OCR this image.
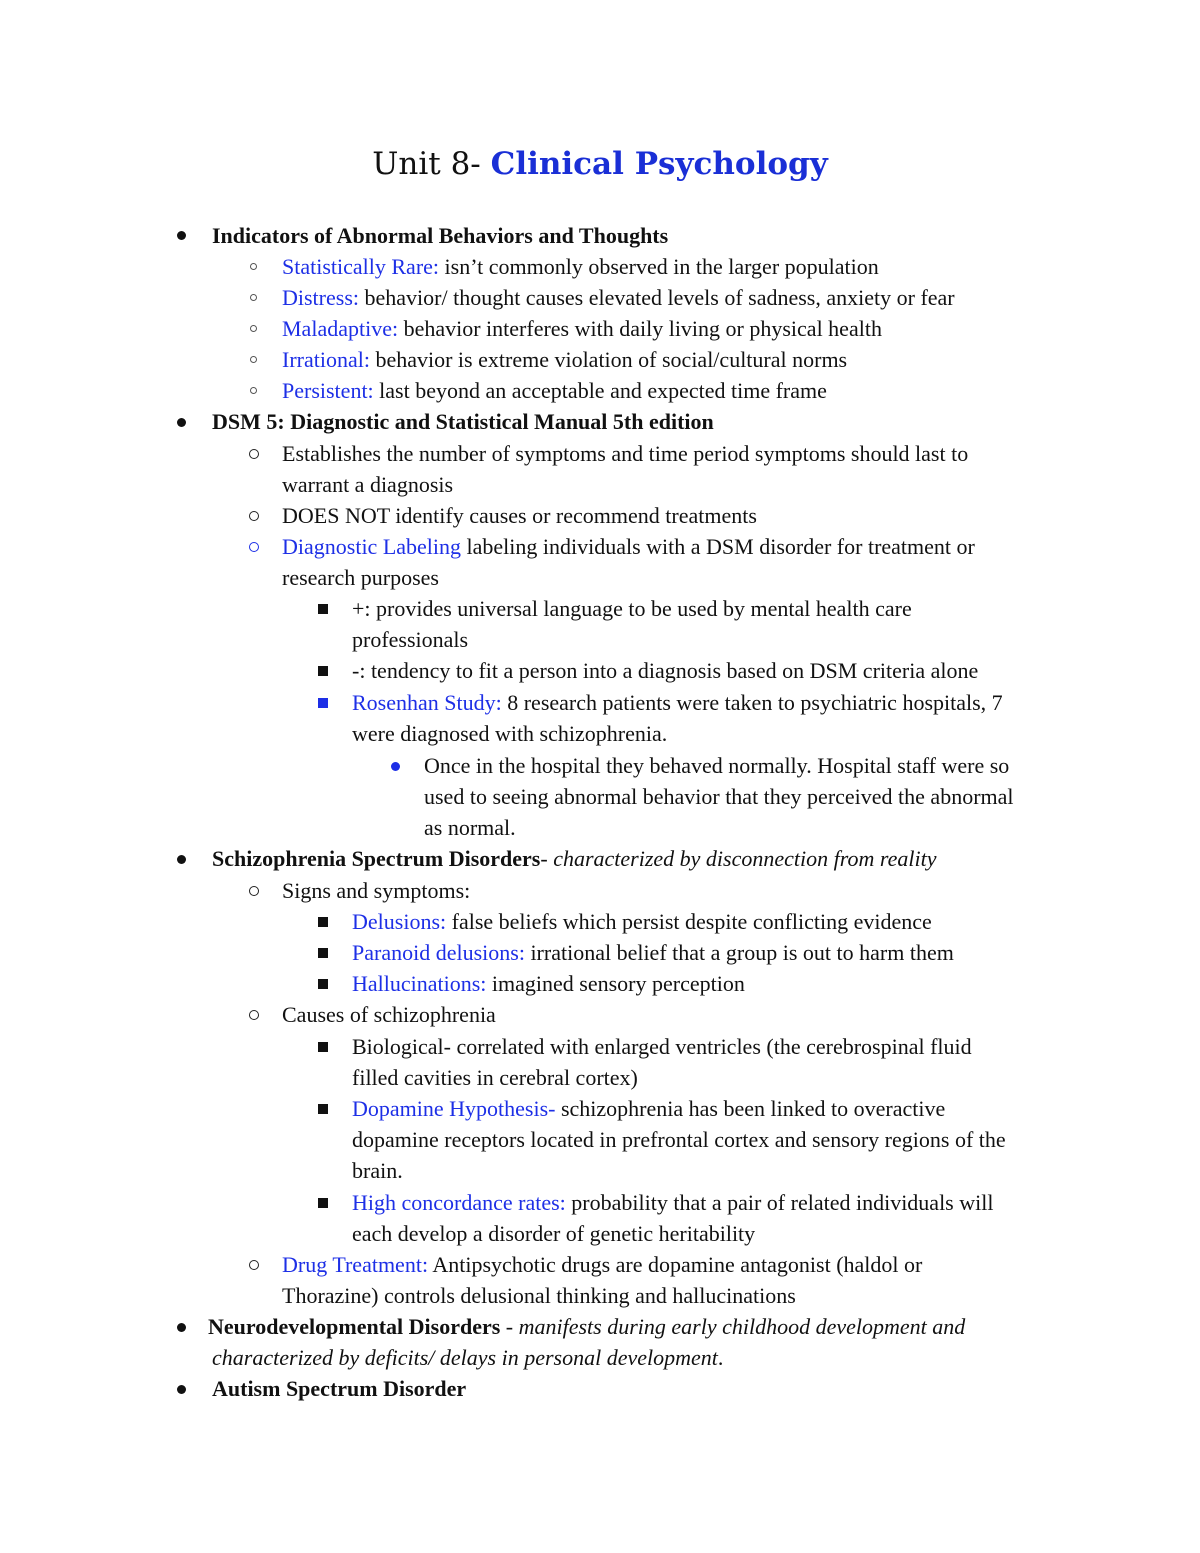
Unit 8- Clinical Psychology
Indicators of Abnormal Behaviors and Thoughts
Statistically Rare: isn’t commonly observed in the larger population
Distress: behavior/ thought causes elevated levels of sadness, anxiety or fear
Maladaptive: behavior interferes with daily living or physical health
Irrational: behavior is extreme violation of social/cultural norms
Persistent: last beyond an acceptable and expected time frame
DSM 5: Diagnostic and Statistical Manual 5th edition
Establishes the number of symptoms and time period symptoms should last to
warrant a diagnosis
DOES NOT identify causes or recommend treatments
Diagnostic Labeling labeling individuals with a DSM disorder for treatment or
research purposes
+: provides universal language to be used by mental health care
professionals
-: tendency to fit a person into a diagnosis based on DSM criteria alone
Rosenhan Study: 8 research patients were taken to psychiatric hospitals, 7
were diagnosed with schizophrenia.
Once in the hospital they behaved normally. Hospital staff were so
used to seeing abnormal behavior that they perceived the abnormal
as normal.
Schizophrenia Spectrum Disorders- characterized by disconnection from reality
Signs and symptoms:
Delusions: false beliefs which persist despite conflicting evidence
Paranoid delusions: irrational belief that a group is out to harm them
Hallucinations: imagined sensory perception
Causes of schizophrenia
Biological- correlated with enlarged ventricles (the cerebrospinal fluid
filled cavities in cerebral cortex)
Dopamine Hypothesis- schizophrenia has been linked to overactive
dopamine receptors located in prefrontal cortex and sensory regions of the
brain.
High concordance rates: probability that a pair of related individuals will
each develop a disorder of genetic heritability
Drug Treatment: Antipsychotic drugs are dopamine antagonist (haldol or
Thorazine) controls delusional thinking and hallucinations
Neurodevelopmental Disorders - manifests during early childhood development and
characterized by deficits/ delays in personal development.
Autism Spectrum Disorder
